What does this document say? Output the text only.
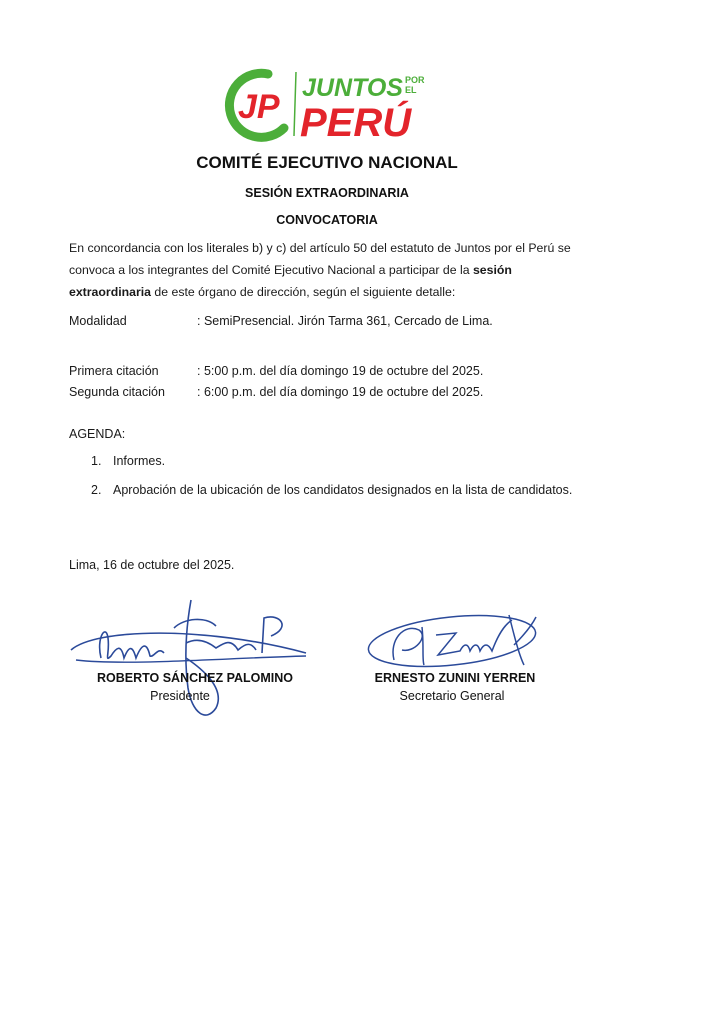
JP JUNTOS POR
EL
PERÚ
COMITÉ EJECUTIVO NACIONAL
SESIÓN EXTRAORDINARIA
CONVOCATORIA
En concordancia con los literales b) y c) del artículo 50 del estatuto de Juntos por el Perú se convoca a los integrantes del Comité Ejecutivo Nacional a participar de la sesión extraordinaria de este órgano de dirección, según el siguiente detalle:
Modalidad	: SemiPresencial. Jirón Tarma 361, Cercado de Lima.
Primera citación	: 5:00 p.m. del día domingo 19 de octubre del 2025.
Segunda citación	: 6:00 p.m. del día domingo 19 de octubre del 2025.
AGENDA:
1. Informes.
2. Aprobación de la ubicación de los candidatos designados en la lista de candidatos.
Lima, 16 de octubre del 2025.
ROBERTO SÁNCHEZ PALOMINO
Presidente
ERNESTO ZUNINI YERREN
Secretario General
